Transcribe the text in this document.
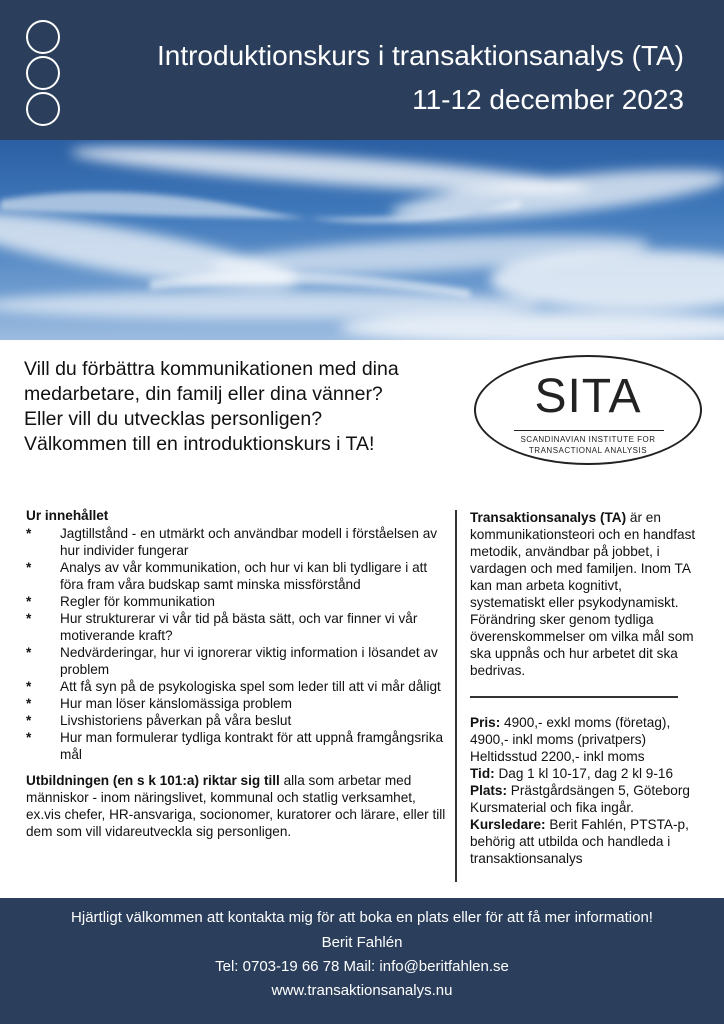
Introduktionskurs i transaktionsanalys (TA)
11-12 december 2023
Vill du förbättra kommunikationen med dina
medarbetare, din familj eller dina vänner?
Eller vill du utvecklas personligen?
Välkommen till en introduktionskurs i TA!
SITA
SCANDINAVIAN INSTITUTE FOR
TRANSACTIONAL ANALYSIS
Ur innehållet
* Jagtillstånd - en utmärkt och användbar modell i förståelsen av hur individer fungerar
* Analys av vår kommunikation, och hur vi kan bli tydligare i att föra fram våra budskap samt minska missförstånd
* Regler för kommunikation
* Hur strukturerar vi vår tid på bästa sätt, och var finner vi vår motiverande kraft?
* Nedvärderingar, hur vi ignorerar viktig information i lösandet av problem
* Att få syn på de psykologiska spel som leder till att vi mår dåligt
* Hur man löser känslomässiga problem
* Livshistoriens påverkan på våra beslut
* Hur man formulerar tydliga kontrakt för att uppnå framgångsrika mål
Utbildningen (en s k 101:a) riktar sig till alla som arbetar med människor - inom näringslivet, kommunal och statlig verksamhet, ex.vis chefer, HR-ansvariga, socionomer, kuratorer och lärare, eller till dem som vill vidareutveckla sig personligen.
Transaktionsanalys (TA) är en kommunikationsteori och en handfast metodik, användbar på jobbet, i vardagen och med familjen. Inom TA kan man arbeta kognitivt, systematiskt eller psykodynamiskt. Förändring sker genom tydliga överenskommelser om vilka mål som ska uppnås och hur arbetet dit ska bedrivas.
Pris: 4900,- exkl moms (företag),
4900,- inkl moms (privatpers)
Heltidsstud 2200,- inkl moms
Tid: Dag 1 kl 10-17, dag 2 kl 9-16
Plats: Prästgårdsängen 5, Göteborg
Kursmaterial och fika ingår.
Kursledare: Berit Fahlén, PTSTA-p, behörig att utbilda och handleda i transaktionsanalys
Hjärtligt välkommen att kontakta mig för att boka en plats eller för att få mer information!
Berit Fahlén
Tel: 0703-19 66 78 Mail: info@beritfahlen.se
www.transaktionsanalys.nu
